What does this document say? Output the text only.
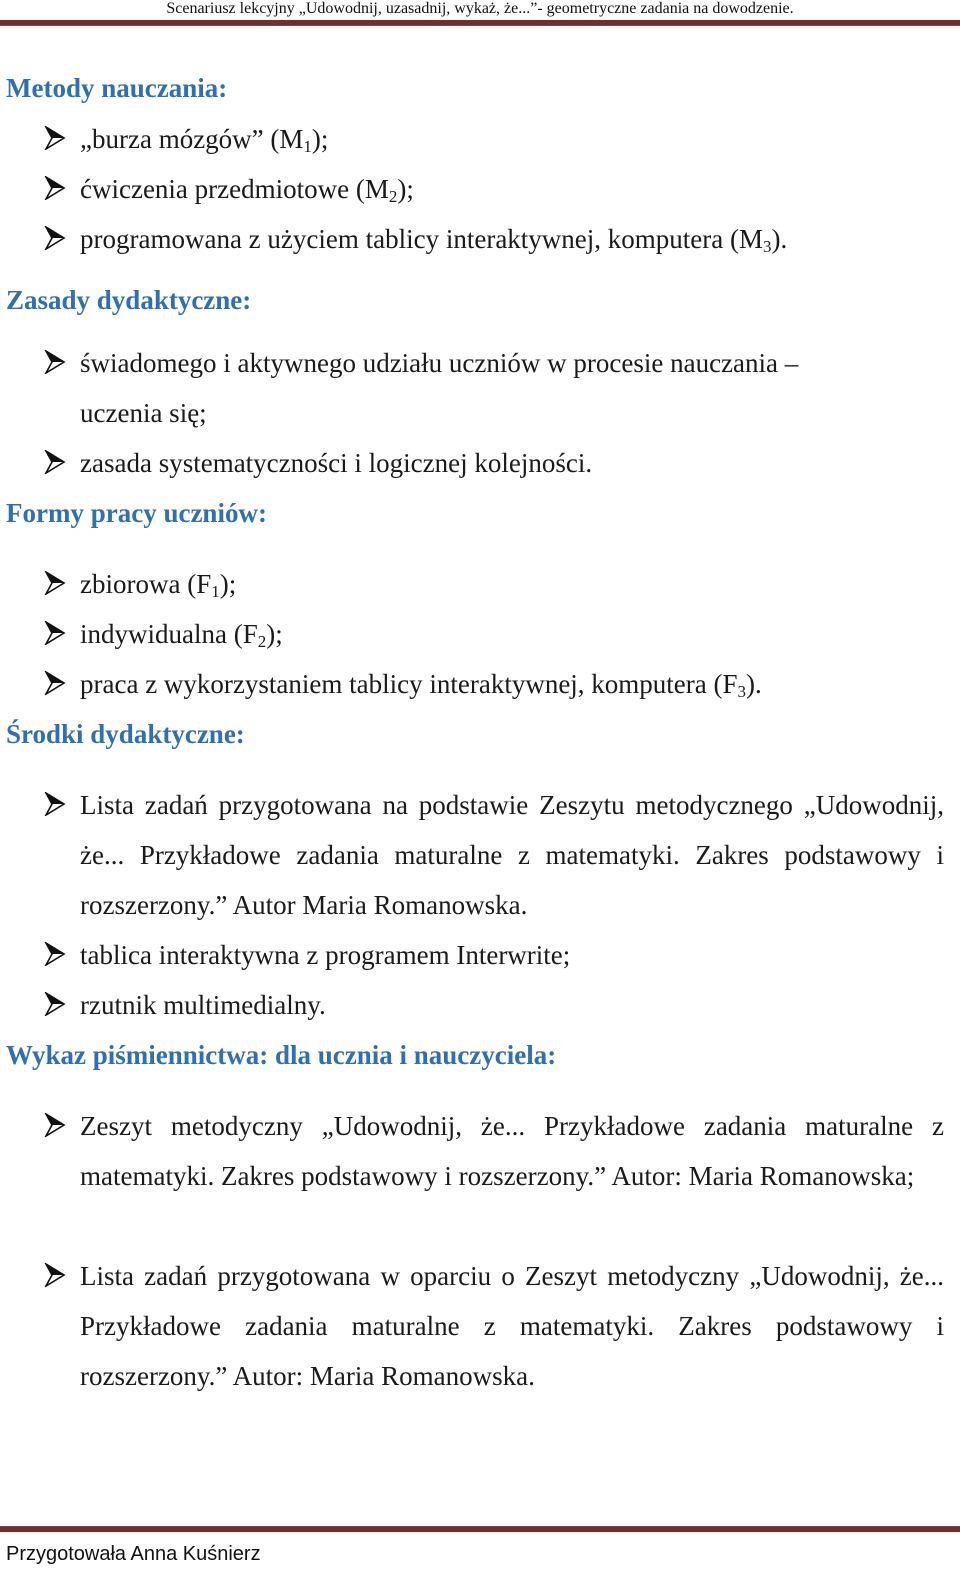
Scenariusz lekcyjny „Udowodnij, uzasadnij, wykaż, że...”- geometryczne zadania na dowodzenie.
Metody nauczania:
„burza mózgów” $(M_1)$;
ćwiczenia przedmiotowe $(M_2)$;
programowana z użyciem tablicy interaktywnej, komputera $(M_3)$.
Zasady dydaktyczne:
świadomego i aktywnego udziału uczniów w procesie nauczania –
uczenia się;
zasada systematyczności i logicznej kolejności.
Formy pracy uczniów:
zbiorowa $(F_1)$;
indywidualna $(F_2)$;
praca z wykorzystaniem tablicy interaktywnej, komputera $(F_3)$.
Środki dydaktyczne:
Lista zadań przygotowana na podstawie Zeszytu metodycznego „Udowodnij, że... Przykładowe zadania maturalne z matematyki. Zakres podstawowy i rozszerzony.” Autor Maria Romanowska.
tablica interaktywna z programem Interwrite;
rzutnik multimedialny.
Wykaz piśmiennictwa: dla ucznia i nauczyciela:
Zeszyt metodyczny „Udowodnij, że... Przykładowe zadania maturalne z matematyki. Zakres podstawowy i rozszerzony.” Autor: Maria Romanowska;
Lista zadań przygotowana w oparciu o Zeszyt metodyczny „Udowodnij, że... Przykładowe zadania maturalne z matematyki. Zakres podstawowy i rozszerzony.” Autor: Maria Romanowska.
Przygotowała Anna Kuśnierz
